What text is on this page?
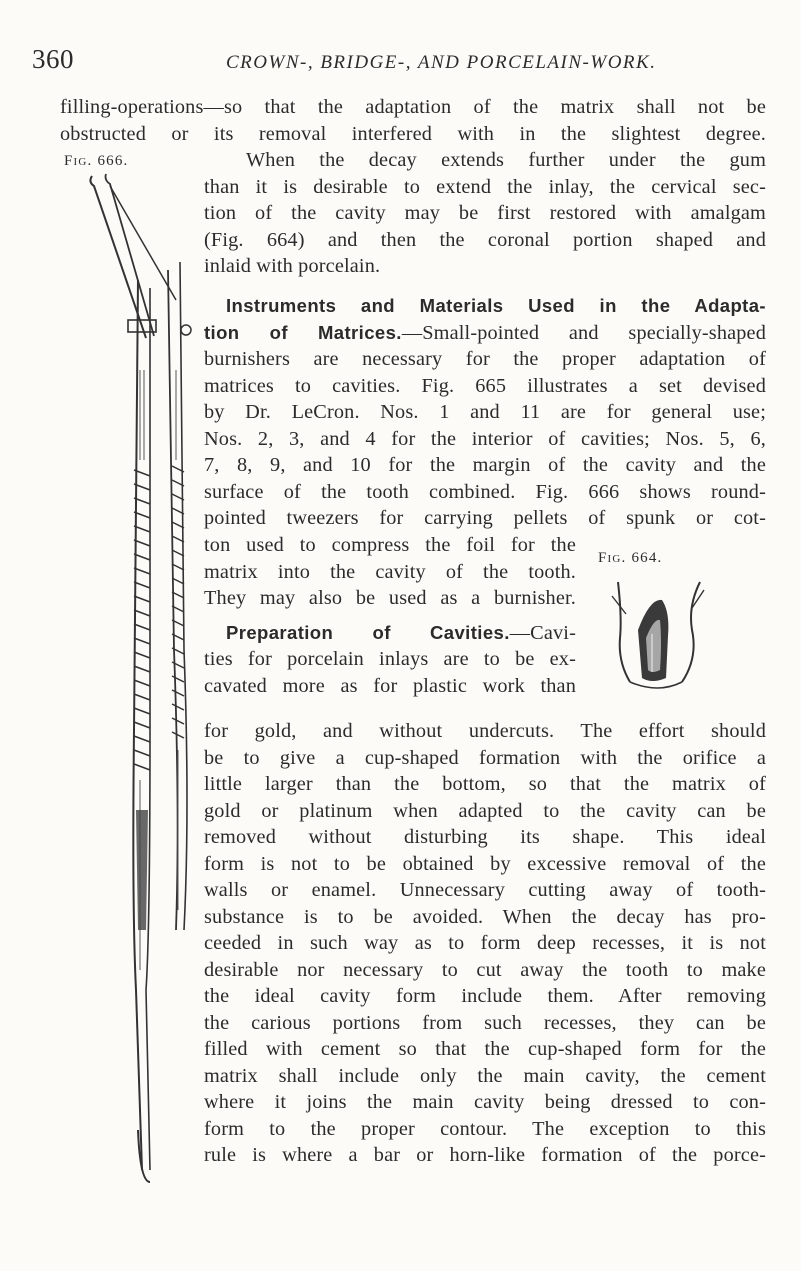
360	CROWN-, BRIDGE-, AND PORCELAIN-WORK.
filling-operations—so that the adaptation of the matrix shall not be
obstructed or its removal interfered with in the slightest degree.
Fig. 666.	When the decay extends further under the gum
than it is desirable to extend the inlay, the cervical sec-
tion of the cavity may be first restored with amalgam
(Fig. 664) and then the coronal portion shaped and
inlaid with porcelain.
Instruments and Materials Used in the Adapta-
tion of Matrices.—Small-pointed and specially-shaped
burnishers are necessary for the proper adaptation of
matrices to cavities. Fig. 665 illustrates a set devised
by Dr. LeCron. Nos. 1 and 11 are for general use;
Nos. 2, 3, and 4 for the interior of cavities; Nos. 5, 6,
7, 8, 9, and 10 for the margin of the cavity and the
surface of the tooth combined. Fig. 666 shows round-
pointed tweezers for carrying pellets of spunk or cot-
ton used to compress the foil for the
matrix into the cavity of the tooth.
They may also be used as a burnisher.
Preparation of Cavities.—Cavi-
ties for porcelain inlays are to be ex-
cavated more as for plastic work than
Fig. 664.
for gold, and without undercuts. The effort should
be to give a cup-shaped formation with the orifice a
little larger than the bottom, so that the matrix of
gold or platinum when adapted to the cavity can be
removed without disturbing its shape. This ideal
form is not to be obtained by excessive removal of the
walls or enamel. Unnecessary cutting away of tooth-
substance is to be avoided. When the decay has pro-
ceeded in such way as to form deep recesses, it is not
desirable nor necessary to cut away the tooth to make
the ideal cavity form include them. After removing
the carious portions from such recesses, they can be
filled with cement so that the cup-shaped form for the
matrix shall include only the main cavity, the cement
where it joins the main cavity being dressed to con-
form to the proper contour. The exception to this
rule is where a bar or horn-like formation of the porce-
